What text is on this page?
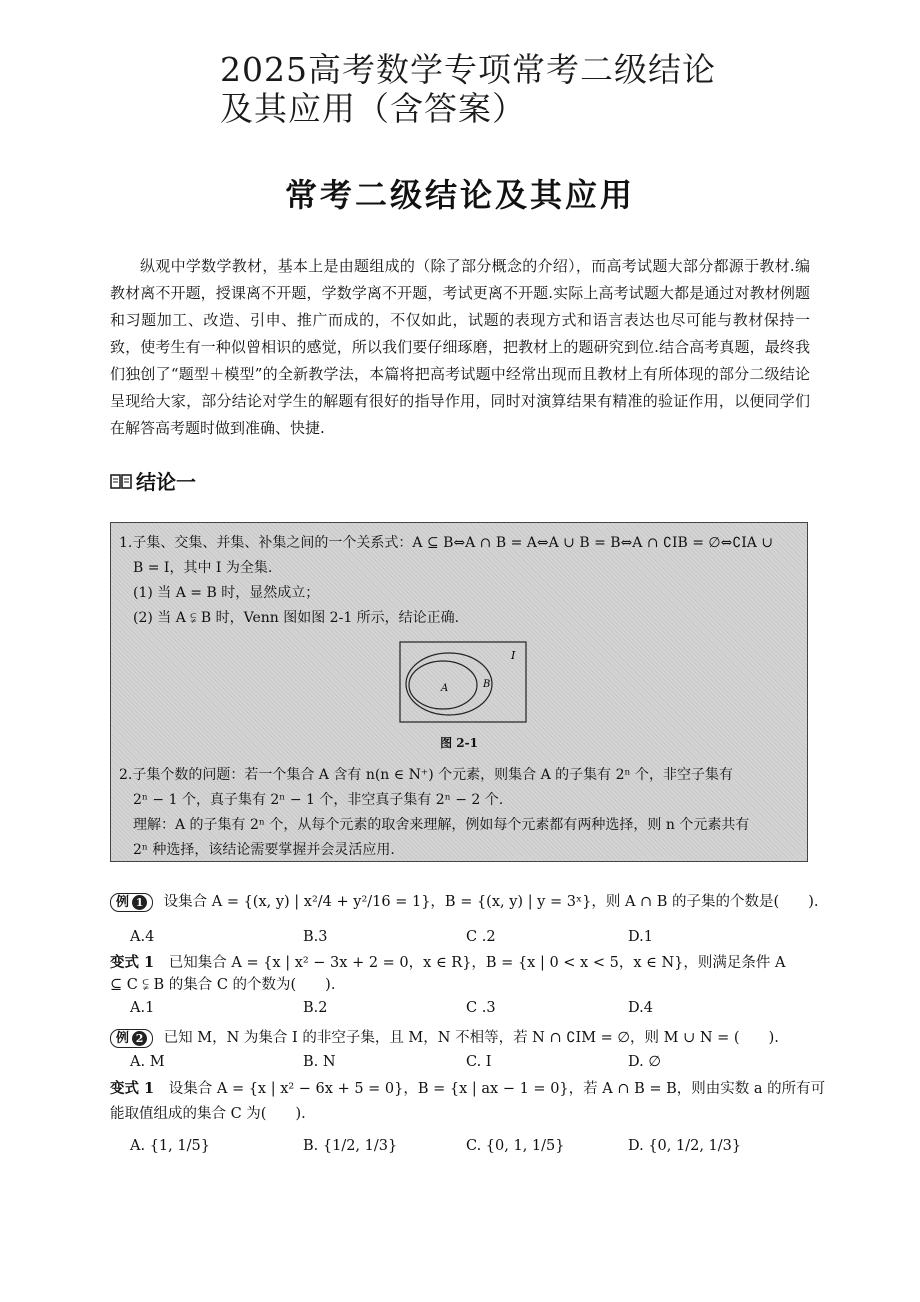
2025高考数学专项常考二级结论
及其应用（含答案）
常考二级结论及其应用
纵观中学数学教材，基本上是由题组成的（除了部分概念的介绍），而高考试题大部分都源于教材.编教材离不开题，授课离不开题，学数学离不开题，考试更离不开题.实际上高考试题大都是通过对教材例题和习题加工、改造、引申、推广而成的，不仅如此，试题的表现方式和语言表达也尽可能与教材保持一致，使考生有一种似曾相识的感觉，所以我们要仔细琢磨，把教材上的题研究到位.结合高考真题，最终我们独创了“题型＋模型”的全新教学法，本篇将把高考试题中经常出现而且教材上有所体现的部分二级结论呈现给大家，部分结论对学生的解题有很好的指导作用，同时对演算结果有精准的验证作用，以便同学们在解答高考题时做到准确、快捷.
结论一
1.子集、交集、并集、补集之间的一个关系式：A ⊆ B⇔A ∩ B = A⇔A ∪ B = B⇔A ∩ ∁IB = ∅⇔∁IA ∪
B = I，其中 I 为全集.
(1) 当 A = B 时，显然成立；
(2) 当 A ⫋ B 时，Venn 图如图 2-1 所示，结论正确.
I
A	B
图 2-1
2.子集个数的问题：若一个集合 A 含有 n(n ∈ N⁺) 个元素，则集合 A 的子集有 2ⁿ 个，非空子集有
2ⁿ − 1 个，真子集有 2ⁿ − 1 个，非空真子集有 2ⁿ − 2 个.
理解：A 的子集有 2ⁿ 个，从每个元素的取舍来理解，例如每个元素都有两种选择，则 n 个元素共有
2ⁿ 种选择，该结论需要掌握并会灵活应用.
例 1 设集合 A = {(x, y) | x²/4 + y²/16 = 1}，B = {(x, y) | y = 3ˣ}，则 A ∩ B 的子集的个数是(　　).
A.4	B.3	C .2	D.1
变式 1 已知集合 A = {x | x² − 3x + 2 = 0，x ∈ R}，B = {x | 0 < x < 5，x ∈ N}，则满足条件 A
⊆ C ⫋ B 的集合 C 的个数为(　　).
A.1	B.2	C .3	D.4
例 2 已知 M，N 为集合 I 的非空子集，且 M，N 不相等，若 N ∩ ∁IM = ∅，则 M ∪ N = (　　).
A. M	B. N	C. I	D. ∅
变式 1 设集合 A = {x | x² − 6x + 5 = 0}，B = {x | ax − 1 = 0}，若 A ∩ B = B，则由实数 a 的所有可
能取值组成的集合 C 为(　　).
A. {1, 1/5}	B. {1/2, 1/3}	C. {0, 1, 1/5}	D. {0, 1/2, 1/3}
